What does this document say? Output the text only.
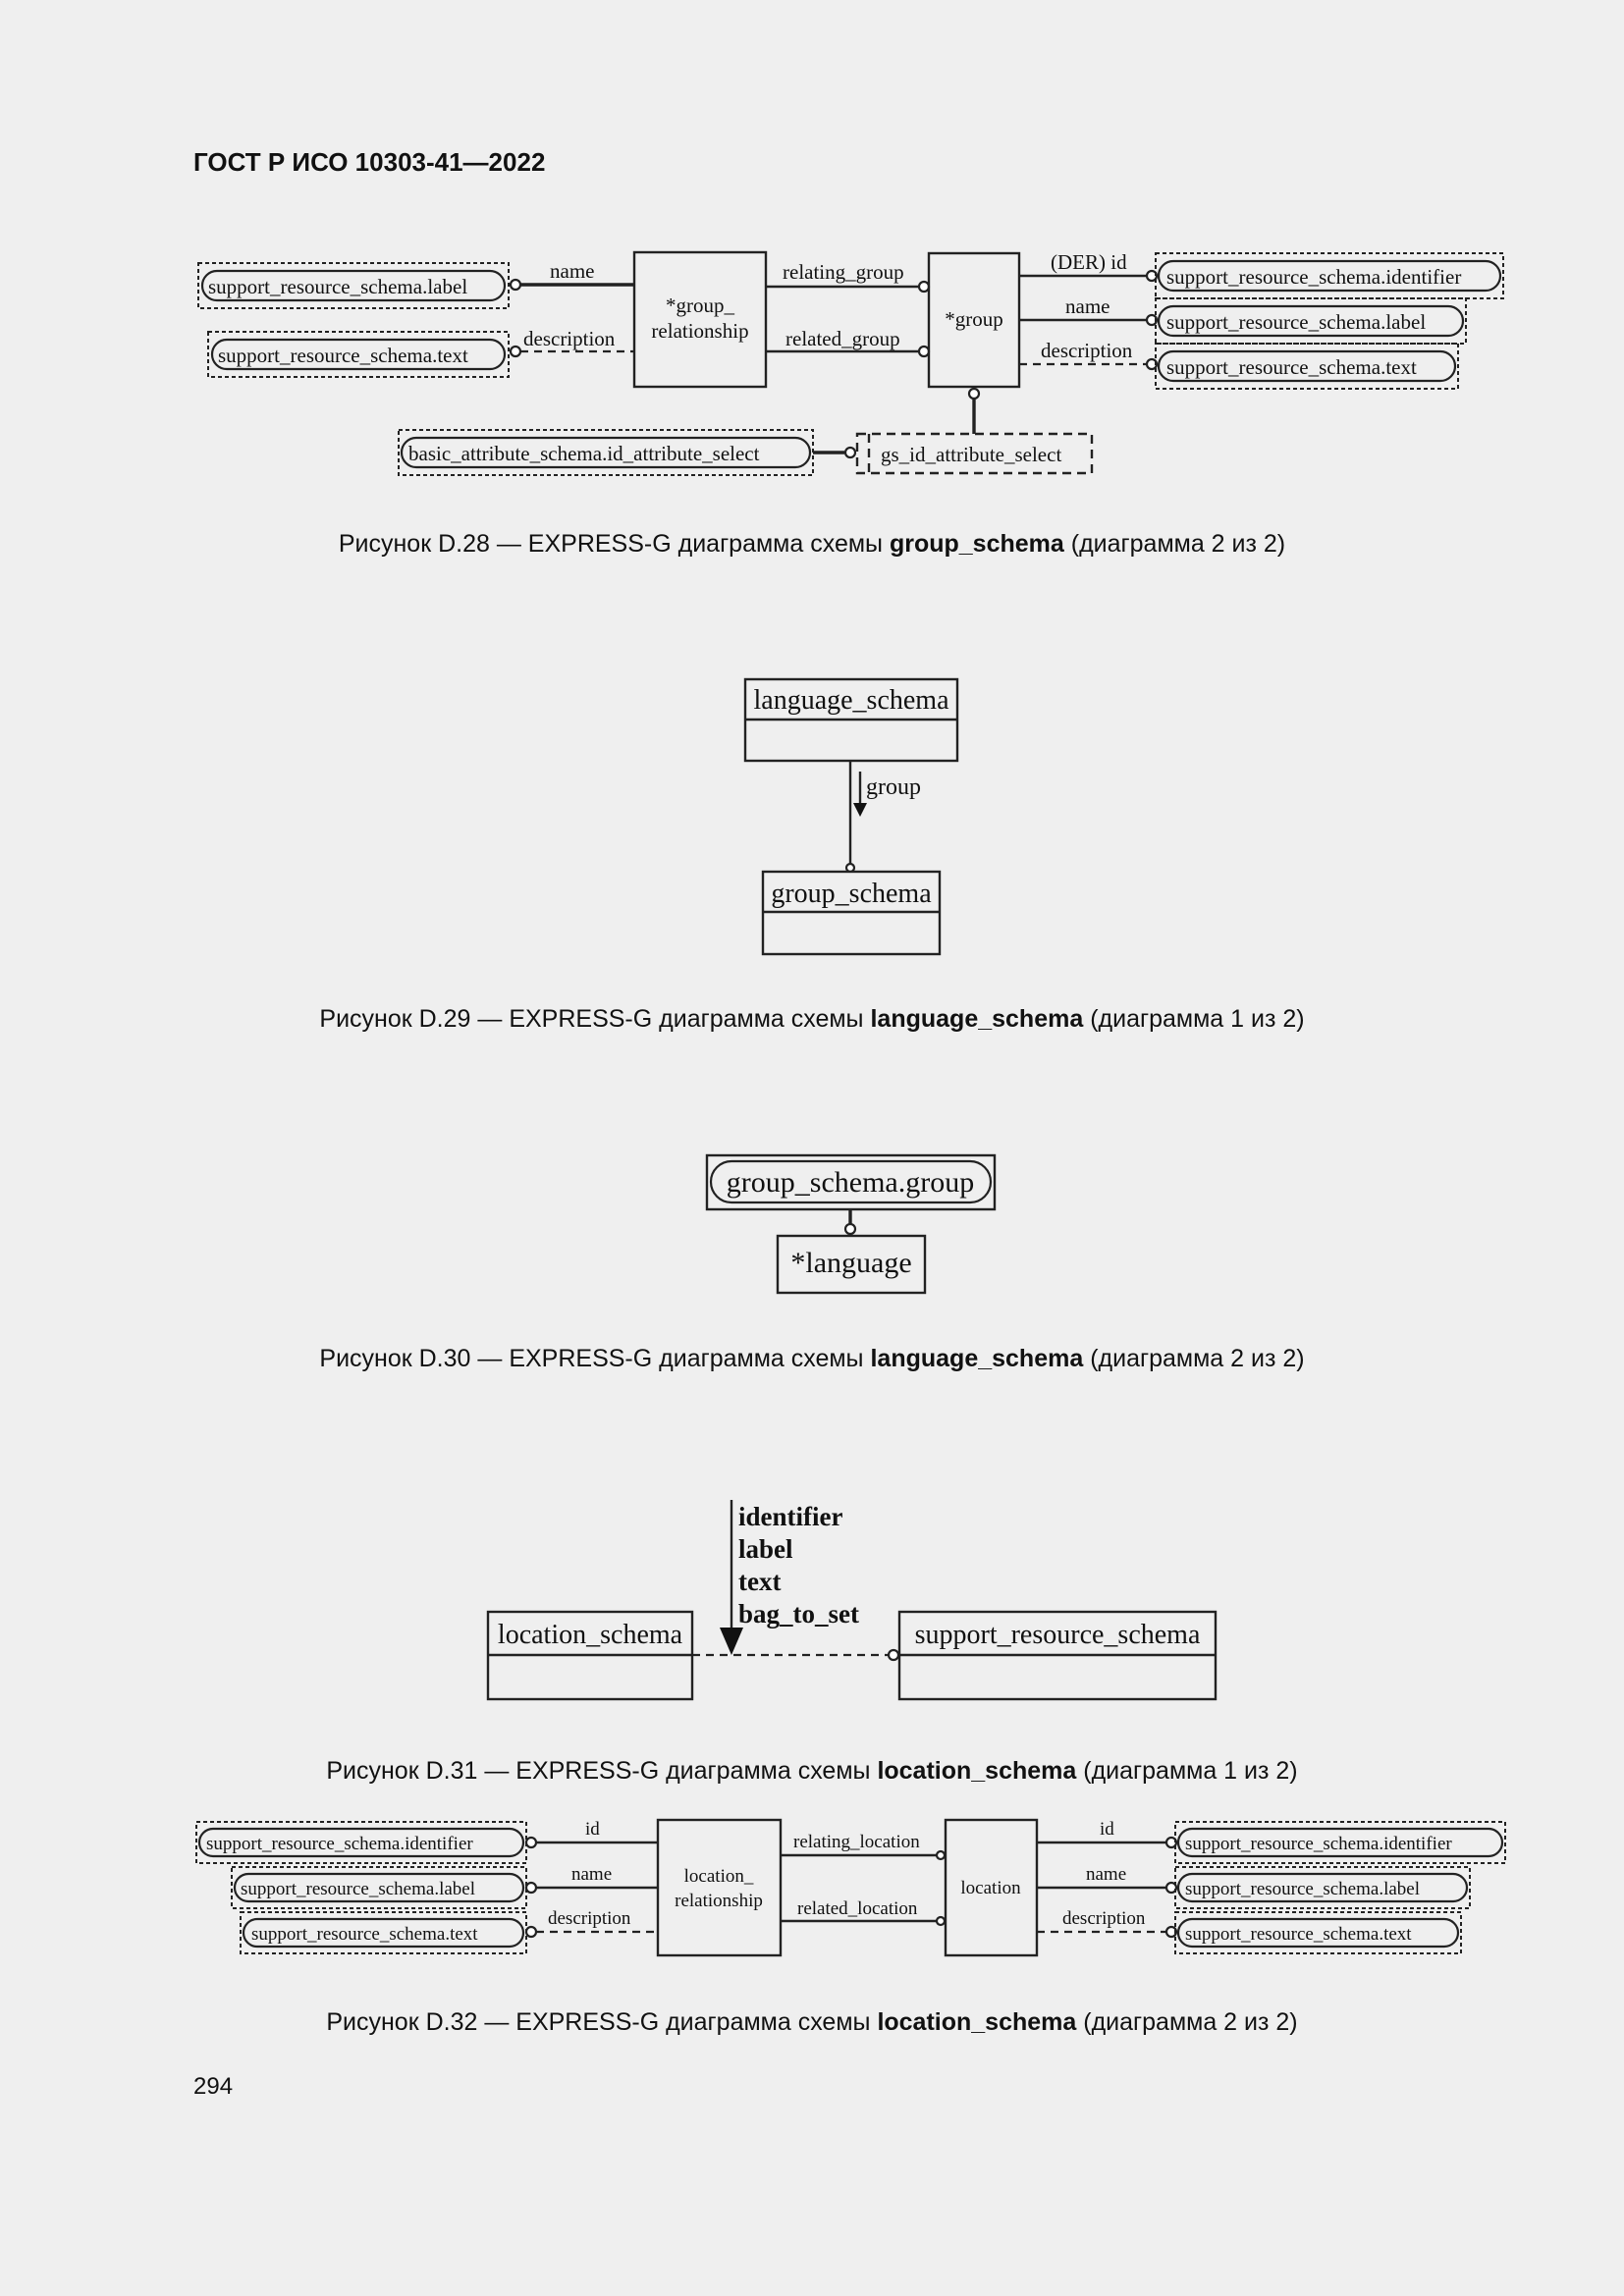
ГОСТ Р ИСО 10303-41—2022
support_resource_schema.label
support_resource_schema.text
name
description
*group_
relationship
relating_group
related_group
*group
(DER) id
name
description
support_resource_schema.identifier
support_resource_schema.label
support_resource_schema.text
gs_id_attribute_select
basic_attribute_schema.id_attribute_select
language_schema
group
group_schema
group_schema.group
*language
identifier
label
text
bag_to_set
location_schema	support_resource_schema
support_resource_schema.identifier
support_resource_schema.label
support_resource_schema.text
id
name
description
location_
relationship
relating_location
related_location
location
id
name
description
support_resource_schema.identifier
support_resource_schema.label
support_resource_schema.text
Рисунок D.28 — EXPRESS-G диаграмма схемы group_schema (диаграмма 2 из 2)
Рисунок D.29 — EXPRESS-G диаграмма схемы language_schema (диаграмма 1 из 2)
Рисунок D.30 — EXPRESS-G диаграмма схемы language_schema (диаграмма 2 из 2)
Рисунок D.31 — EXPRESS-G диаграмма схемы location_schema (диаграмма 1 из 2)
Рисунок D.32 — EXPRESS-G диаграмма схемы location_schema (диаграмма 2 из 2)
294
